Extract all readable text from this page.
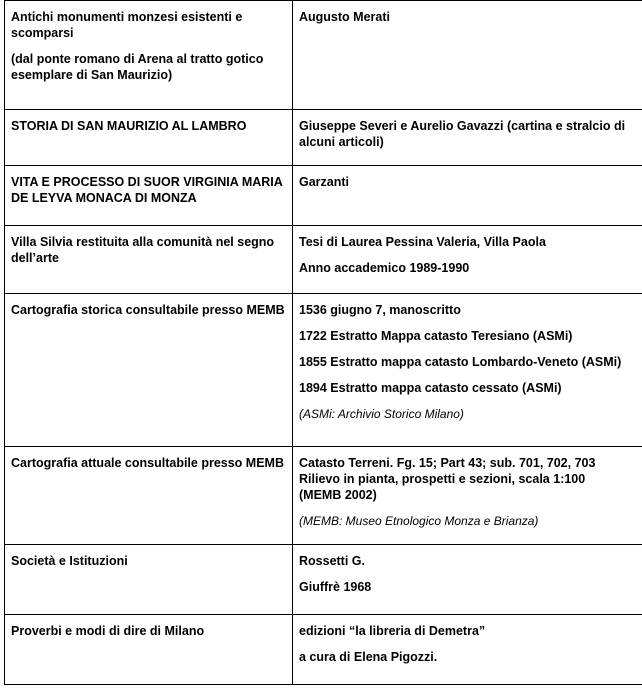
Antichi monumenti monzesi esistenti e scomparsi
(dal ponte romano di Arena al tratto gotico esemplare di San Maurizio)	Augusto Merati

STORIA DI SAN MAURIZIO AL LAMBRO	Giuseppe Severi e Aurelio Gavazzi (cartina e stralcio di alcuni articoli)

VITA E PROCESSO DI SUOR VIRGINIA MARIA DE LEYVA MONACA DI MONZA	Garzanti

Villa Silvia restituita alla comunità nel segno dell’arte	Tesi di Laurea Pessina Valeria, Villa Paola
Anno accademico 1989-1990

Cartografia storica consultabile presso MEMB	1536 giugno 7, manoscritto
1722 Estratto Mappa catasto Teresiano (ASMi)
1855 Estratto mappa catasto Lombardo-Veneto (ASMi)
1894 Estratto mappa catasto cessato (ASMi)
(ASMi: Archivio Storico Milano)

Cartografia attuale consultabile presso MEMB	Catasto Terreni. Fg. 15; Part 43; sub. 701, 702, 703
Rilievo in pianta, prospetti e sezioni, scala 1:100
(MEMB 2002)
(MEMB: Museo Etnologico Monza e Brianza)

Società e Istituzioni	Rossetti G.
Giuffrè 1968

Proverbi e modi di dire di Milano	edizioni “la libreria di Demetra”
a cura di Elena Pigozzi.
